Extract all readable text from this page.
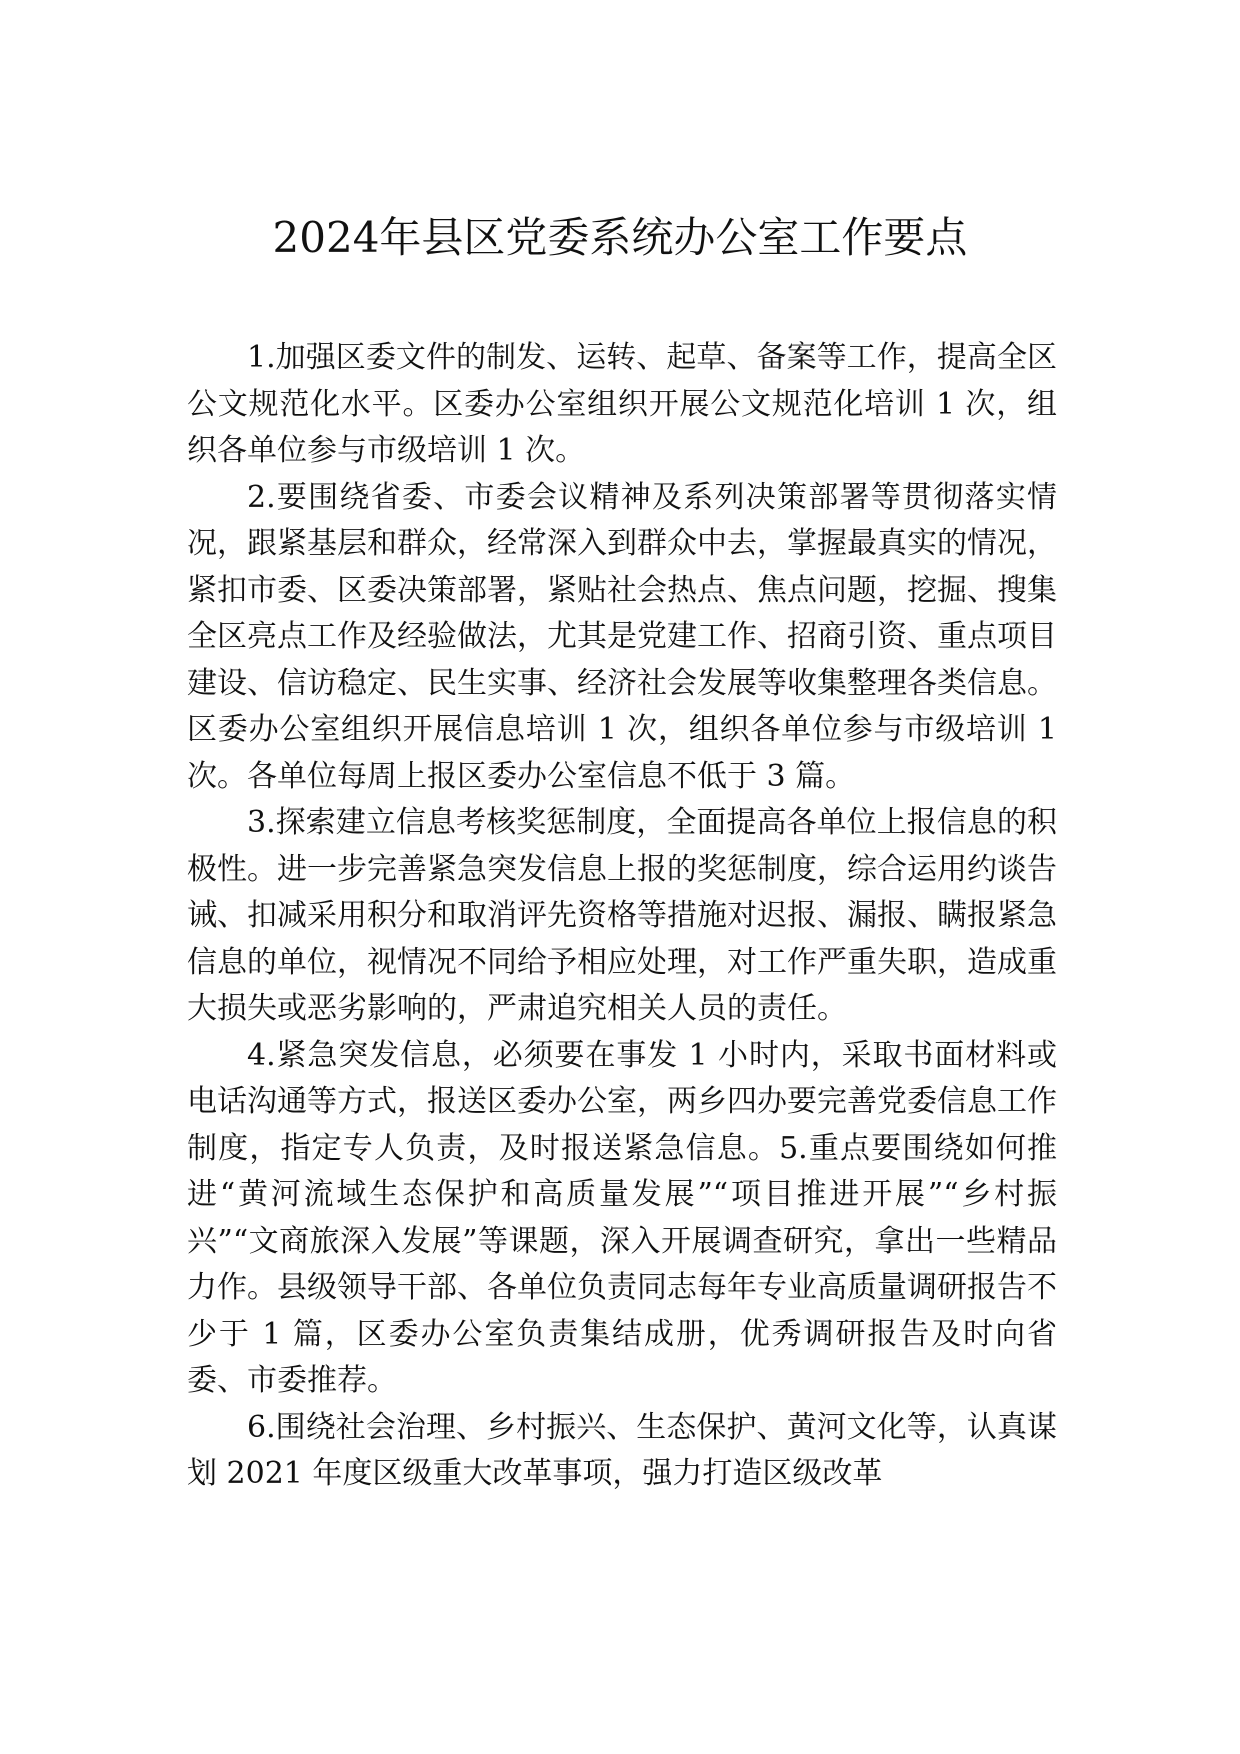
2024年县区党委系统办公室工作要点

1.加强区委文件的制发、运转、起草、备案等工作，提高全区公文规范化水平。区委办公室组织开展公文规范化培训 1 次，组织各单位参与市级培训 1 次。

2.要围绕省委、市委会议精神及系列决策部署等贯彻落实情况，跟紧基层和群众，经常深入到群众中去，掌握最真实的情况，紧扣市委、区委决策部署，紧贴社会热点、焦点问题，挖掘、搜集全区亮点工作及经验做法，尤其是党建工作、招商引资、重点项目建设、信访稳定、民生实事、经济社会发展等收集整理各类信息。区委办公室组织开展信息培训 1 次，组织各单位参与市级培训 1 次。各单位每周上报区委办公室信息不低于 3 篇。

3.探索建立信息考核奖惩制度，全面提高各单位上报信息的积极性。进一步完善紧急突发信息上报的奖惩制度，综合运用约谈告诫、扣减采用积分和取消评先资格等措施对迟报、漏报、瞒报紧急信息的单位，视情况不同给予相应处理，对工作严重失职，造成重大损失或恶劣影响的，严肃追究相关人员的责任。

4.紧急突发信息，必须要在事发 1 小时内，采取书面材料或电话沟通等方式，报送区委办公室，两乡四办要完善党委信息工作制度，指定专人负责，及时报送紧急信息。5.重点要围绕如何推进“黄河流域生态保护和高质量发展”“项目推进开展”“乡村振兴”“文商旅深入发展”等课题，深入开展调查研究，拿出一些精品力作。县级领导干部、各单位负责同志每年专业高质量调研报告不少于 1 篇，区委办公室负责集结成册，优秀调研报告及时向省委、市委推荐。

6.围绕社会治理、乡村振兴、生态保护、黄河文化等，认真谋划 2021 年度区级重大改革事项，强力打造区级改革
